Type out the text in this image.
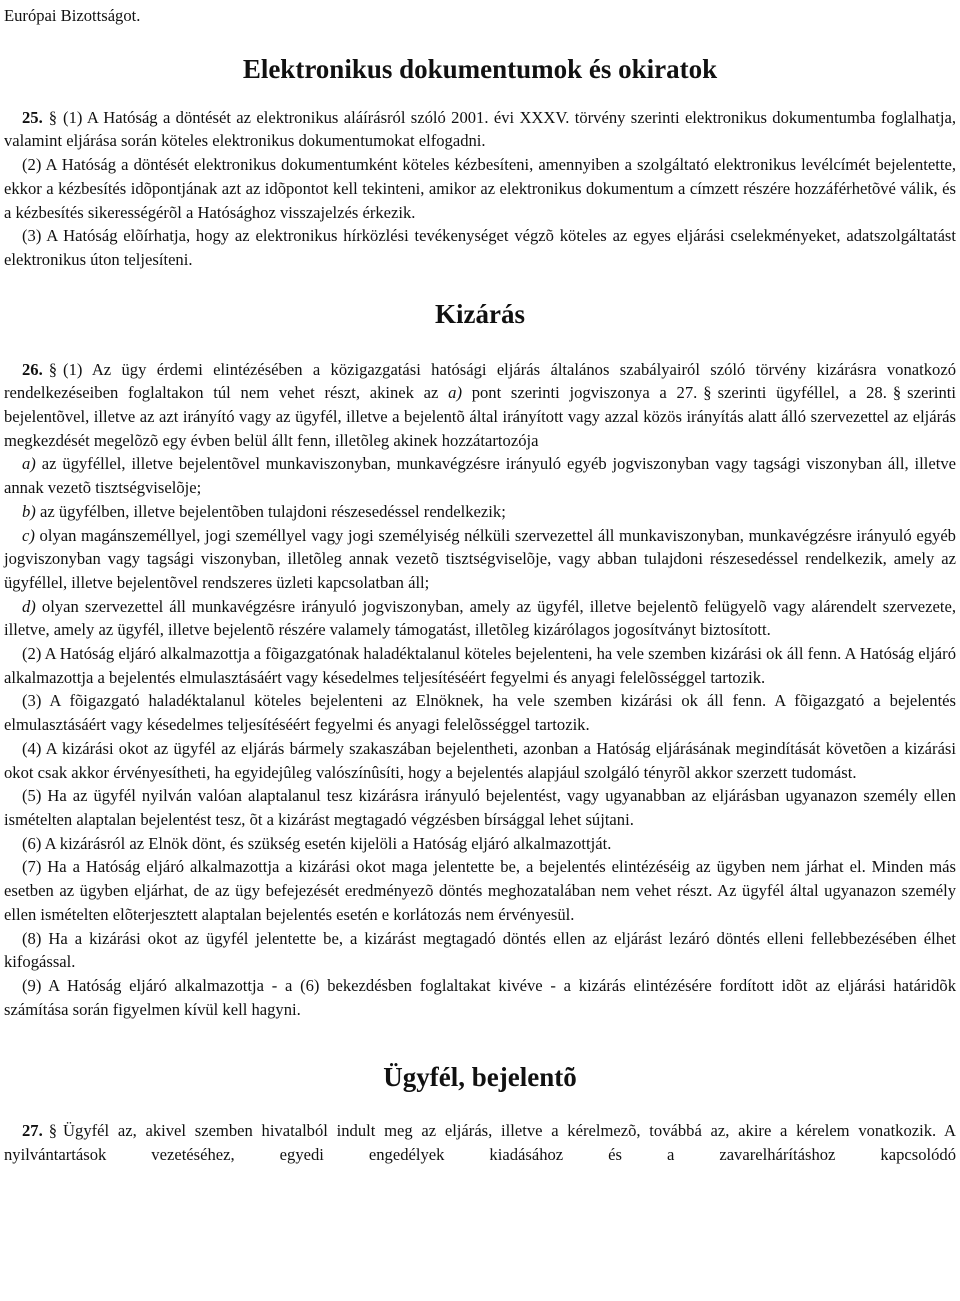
Európai Bizottságot.

Elektronikus dokumentumok és okiratok

25. § (1) A Hatóság a döntését az elektronikus aláírásról szóló 2001. évi XXXV. törvény szerinti elektronikus dokumentumba foglalhatja, valamint eljárása során köteles elektronikus dokumentumokat elfogadni.

(2) A Hatóság a döntését elektronikus dokumentumként köteles kézbesíteni, amennyiben a szolgáltató elektronikus levélcímét bejelentette, ekkor a kézbesítés idõpontjának azt az idõpontot kell tekinteni, amikor az elektronikus dokumentum a címzett részére hozzáférhetõvé válik, és a kézbesítés sikerességérõl a Hatósághoz visszajelzés érkezik.

(3) A Hatóság elõírhatja, hogy az elektronikus hírközlési tevékenységet végzõ köteles az egyes eljárási cselekményeket, adatszolgáltatást elektronikus úton teljesíteni.

Kizárás

26. § (1) Az ügy érdemi elintézésében a közigazgatási hatósági eljárás általános szabályairól szóló törvény kizárásra vonatkozó rendelkezéseiben foglaltakon túl nem vehet részt, akinek az a) pont szerinti jogviszonya a 27. § szerinti ügyféllel, a 28. § szerinti bejelentõvel, illetve az azt irányító vagy az ügyfél, illetve a bejelentõ által irányított vagy azzal közös irányítás alatt álló szervezettel az eljárás megkezdését megelõzõ egy évben belül állt fenn, illetõleg akinek hozzátartozója

a) az ügyféllel, illetve bejelentõvel munkaviszonyban, munkavégzésre irányuló egyéb jogviszonyban vagy tagsági viszonyban áll, illetve annak vezetõ tisztségviselõje;

b) az ügyfélben, illetve bejelentõben tulajdoni részesedéssel rendelkezik;

c) olyan magánszeméllyel, jogi személlyel vagy jogi személyiség nélküli szervezettel áll munkaviszonyban, munkavégzésre irányuló egyéb jogviszonyban vagy tagsági viszonyban, illetõleg annak vezetõ tisztségviselõje, vagy abban tulajdoni részesedéssel rendelkezik, amely az ügyféllel, illetve bejelentõvel rendszeres üzleti kapcsolatban áll;

d) olyan szervezettel áll munkavégzésre irányuló jogviszonyban, amely az ügyfél, illetve bejelentõ felügyelõ vagy alárendelt szervezete, illetve, amely az ügyfél, illetve bejelentõ részére valamely támogatást, illetõleg kizárólagos jogosítványt biztosított.

(2) A Hatóság eljáró alkalmazottja a fõigazgatónak haladéktalanul köteles bejelenteni, ha vele szemben kizárási ok áll fenn. A Hatóság eljáró alkalmazottja a bejelentés elmulasztásáért vagy késedelmes teljesítéséért fegyelmi és anyagi felelõsséggel tartozik.

(3) A fõigazgató haladéktalanul köteles bejelenteni az Elnöknek, ha vele szemben kizárási ok áll fenn. A fõigazgató a bejelentés elmulasztásáért vagy késedelmes teljesítéséért fegyelmi és anyagi felelõsséggel tartozik.

(4) A kizárási okot az ügyfél az eljárás bármely szakaszában bejelentheti, azonban a Hatóság eljárásának megindítását követõen a kizárási okot csak akkor érvényesítheti, ha egyidejûleg valószínûsíti, hogy a bejelentés alapjául szolgáló tényrõl akkor szerzett tudomást.

(5) Ha az ügyfél nyilván valóan alaptalanul tesz kizárásra irányuló bejelentést, vagy ugyanabban az eljárásban ugyanazon személy ellen ismételten alaptalan bejelentést tesz, õt a kizárást megtagadó végzésben bírsággal lehet sújtani.

(6) A kizárásról az Elnök dönt, és szükség esetén kijelöli a Hatóság eljáró alkalmazottját.

(7) Ha a Hatóság eljáró alkalmazottja a kizárási okot maga jelentette be, a bejelentés elintézéséig az ügyben nem járhat el. Minden más esetben az ügyben eljárhat, de az ügy befejezését eredményezõ döntés meghozatalában nem vehet részt. Az ügyfél által ugyanazon személy ellen ismételten elõterjesztett alaptalan bejelentés esetén e korlátozás nem érvényesül.

(8) Ha a kizárási okot az ügyfél jelentette be, a kizárást megtagadó döntés ellen az eljárást lezáró döntés elleni fellebbezésében élhet kifogással.

(9) A Hatóság eljáró alkalmazottja - a (6) bekezdésben foglaltakat kivéve - a kizárás elintézésére fordított idõt az eljárási határidõk számítása során figyelmen kívül kell hagyni.

Ügyfél, bejelentõ

27. § Ügyfél az, akivel szemben hivatalból indult meg az eljárás, illetve a kérelmezõ, továbbá az, akire a kérelem vonatkozik. A nyilvántartások vezetéséhez, egyedi engedélyek kiadásához és a zavarelhárításhoz kapcsolódó
